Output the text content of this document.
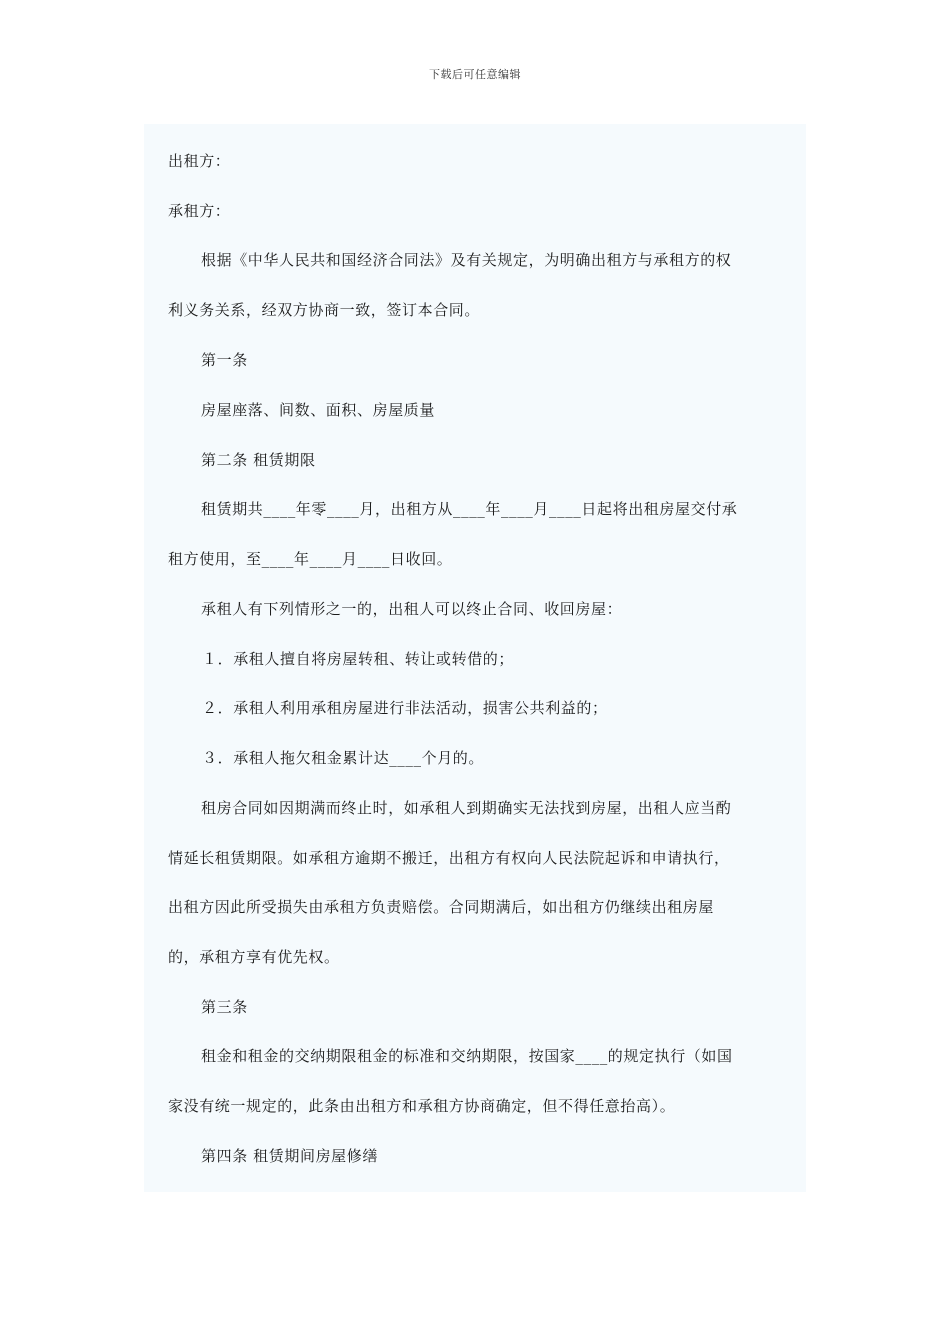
下载后可任意编辑
出租方：
承租方：
根据《中华人民共和国经济合同法》及有关规定，为明确出租方与承租方的权
利义务关系，经双方协商一致，签订本合同。
第一条
房屋座落、间数、面积、房屋质量
第二条 租赁期限
租赁期共____年零____月，出租方从____年____月____日起将出租房屋交付承
租方使用，至____年____月____日收回。
承租人有下列情形之一的，出租人可以终止合同、收回房屋：
１．承租人擅自将房屋转租、转让或转借的；
２．承租人利用承租房屋进行非法活动，损害公共利益的；
３．承租人拖欠租金累计达____个月的。
租房合同如因期满而终止时，如承租人到期确实无法找到房屋，出租人应当酌
情延长租赁期限。如承租方逾期不搬迁，出租方有权向人民法院起诉和申请执行，
出租方因此所受损失由承租方负责赔偿。合同期满后，如出租方仍继续出租房屋
的，承租方享有优先权。
第三条
租金和租金的交纳期限租金的标准和交纳期限，按国家____的规定执行（如国
家没有统一规定的，此条由出租方和承租方协商确定，但不得任意抬高）。
第四条 租赁期间房屋修缮
